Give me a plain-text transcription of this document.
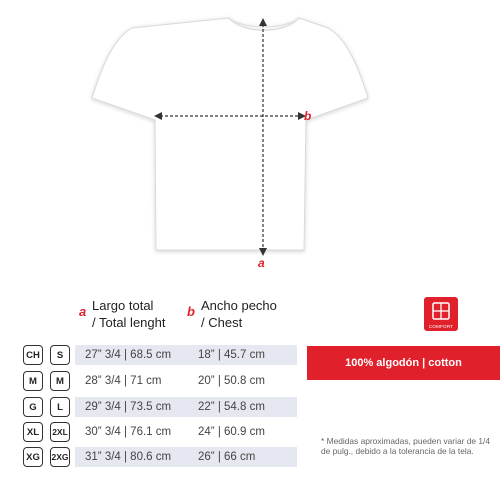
b
a
a Largo total
/ Total lenght
b Ancho pecho
/ Chest
CH	S	27” 3/4 | 68.5 cm 18” | 45.7 cm
M	M	28” 3/4 | 71 cm	20” | 50.8 cm
G	L	29” 3/4 | 73.5 cm 22” | 54.8 cm
XL	2XL 30” 3/4 | 76.1 cm 24” | 60.9 cm
XG	2XG 31” 3/4 | 80.6 cm 26” | 66 cm
COMFORT
100% algodón | cotton
* Medidas aproximadas, pueden variar de 1/4 de pulg., debido a la tolerancia de la tela.
